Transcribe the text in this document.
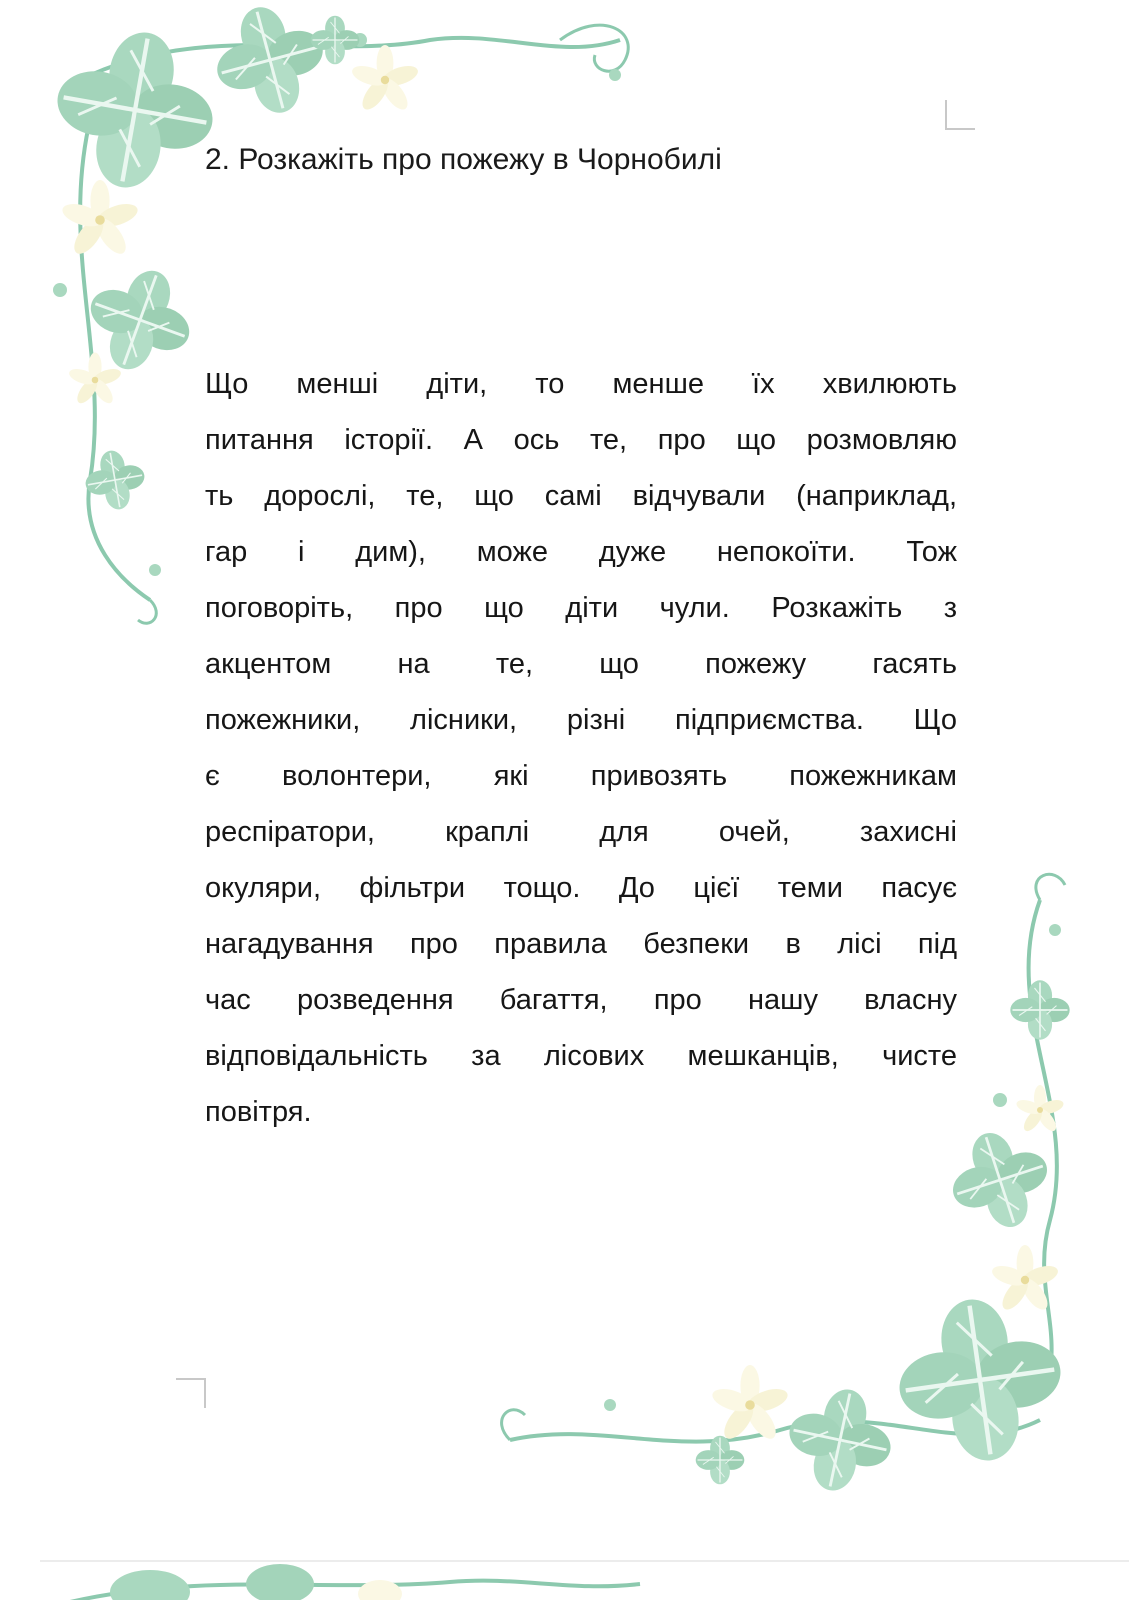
2. Розкажіть про пожежу в Чорнобилі
Що менші діти, то менше їх хвилюють
питання історії. А ось те, про що розмовляю
ть дорослі, те, що самі відчували (наприклад,
гар і дим), може дуже непокоїти. Тож
поговоріть, про що діти чули. Розкажіть з
акцентом на те, що пожежу гасять
пожежники, лісники, різні підприємства. Що
є волонтери, які привозять пожежникам
респіратори, краплі для очей, захисні
окуляри, фільтри тощо. До цієї теми пасує
нагадування про правила безпеки в лісі під
час розведення багаття, про нашу власну
відповідальність за лісових мешканців, чисте
повітря.
